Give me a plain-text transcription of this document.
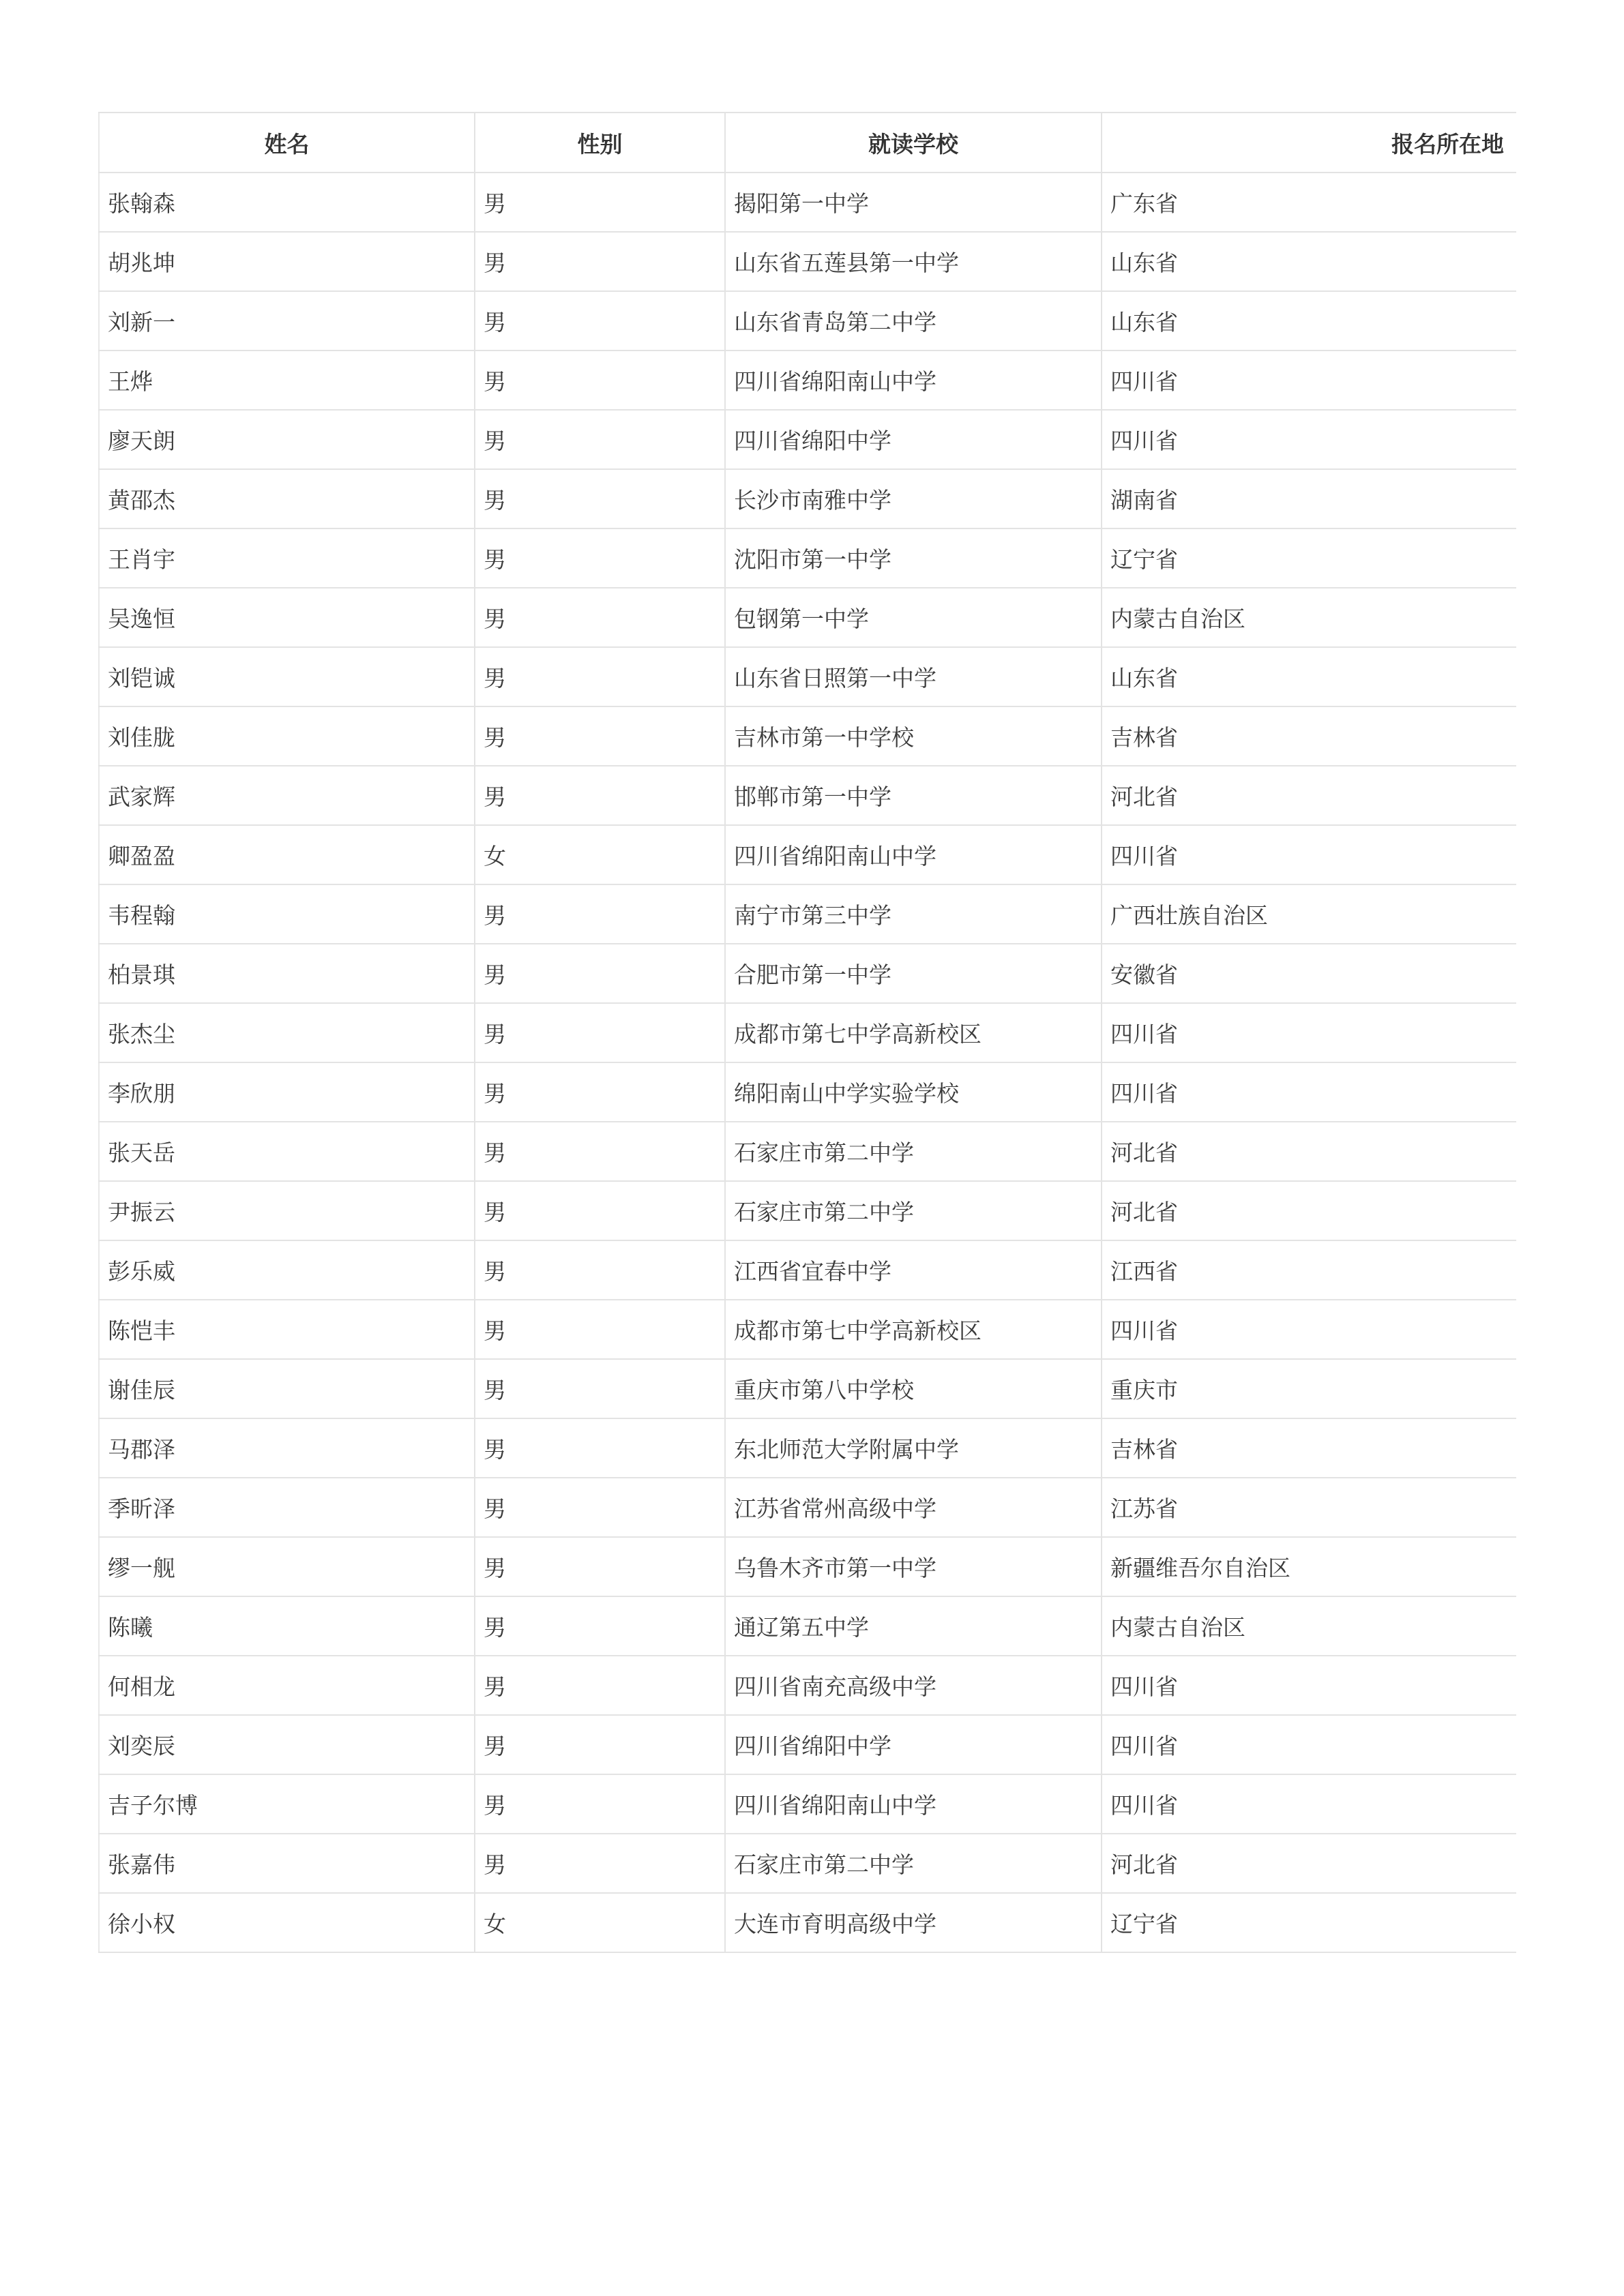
姓名	性别	就读学校	报名所在地
张翰森	男	揭阳第一中学	广东省
胡兆坤	男	山东省五莲县第一中学	山东省
刘新一	男	山东省青岛第二中学	山东省
王烨	男	四川省绵阳南山中学	四川省
廖天朗	男	四川省绵阳中学	四川省
黄邵杰	男	长沙市南雅中学	湖南省
王肖宇	男	沈阳市第一中学	辽宁省
吴逸恒	男	包钢第一中学	内蒙古自治区
刘铠诚	男	山东省日照第一中学	山东省
刘佳胧	男	吉林市第一中学校	吉林省
武家辉	男	邯郸市第一中学	河北省
卿盈盈	女	四川省绵阳南山中学	四川省
韦程翰	男	南宁市第三中学	广西壮族自治区
柏景琪	男	合肥市第一中学	安徽省
张杰尘	男	成都市第七中学高新校区	四川省
李欣朋	男	绵阳南山中学实验学校	四川省
张天岳	男	石家庄市第二中学	河北省
尹振云	男	石家庄市第二中学	河北省
彭乐威	男	江西省宜春中学	江西省
陈恺丰	男	成都市第七中学高新校区	四川省
谢佳辰	男	重庆市第八中学校	重庆市
马郡泽	男	东北师范大学附属中学	吉林省
季昕泽	男	江苏省常州高级中学	江苏省
缪一舰	男	乌鲁木齐市第一中学	新疆维吾尔自治区
陈曦	男	通辽第五中学	内蒙古自治区
何相龙	男	四川省南充高级中学	四川省
刘奕辰	男	四川省绵阳中学	四川省
吉子尔博	男	四川省绵阳南山中学	四川省
张嘉伟	男	石家庄市第二中学	河北省
徐小权	女	大连市育明高级中学	辽宁省
